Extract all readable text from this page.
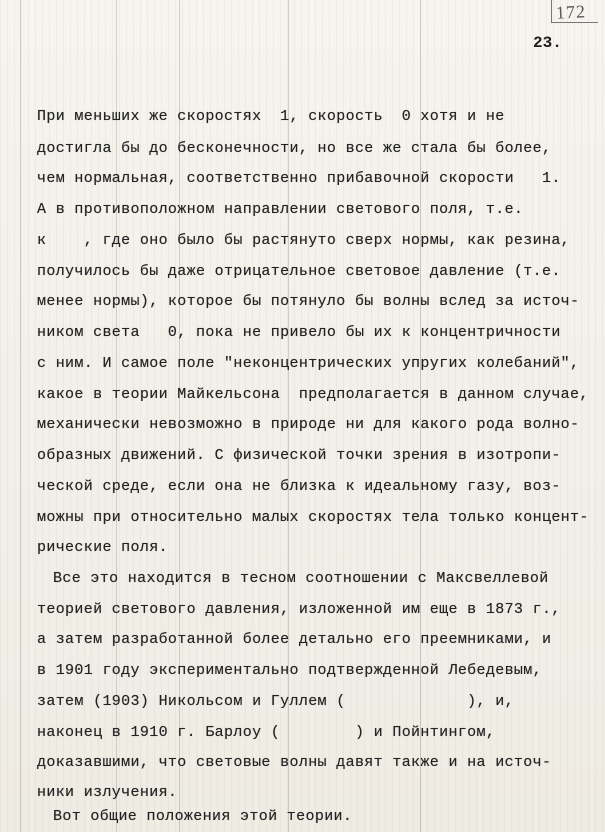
172
23.
При меньших же скоростях  1, скорость  0 хотя и не
достигла бы до бесконечности, но все же стала бы более,
чем нормальная, соответственно прибавочной скорости   1.
А в противоположном направлении светового поля, т.е.
к    , где оно было бы растянуто сверх нормы, как резина,
получилось бы даже отрицательное световое давление (т.е.
менее нормы), которое бы потянуло бы волны вслед за источ-
ником света   0, пока не привело бы их к концентричности
с ним. И самое поле "неконцентрических упругих колебаний",
какое в теории Майкельсона  предполагается в данном случае,
механически невозможно в природе ни для какого рода волно-
образных движений. С физической точки зрения в изотропи-
ческой среде, если она не близка к идеальному газу, воз-
можны при относительно малых скоростях тела только концент-
рические поля.
Все это находится в тесном соотношении с Максвеллевой
теорией светового давления, изложенной им еще в 1873 г.,
а затем разработанной более детально его преемниками, и
в 1901 году экспериментально подтвержденной Лебедевым,
затем (1903) Никольсом и Гуллем (             ), и,
наконец в 1910 г. Барлоу (        ) и Пойнтингом,
доказавшими, что световые волны давят также и на источ-
ники излучения.
Вот общие положения этой теории.
